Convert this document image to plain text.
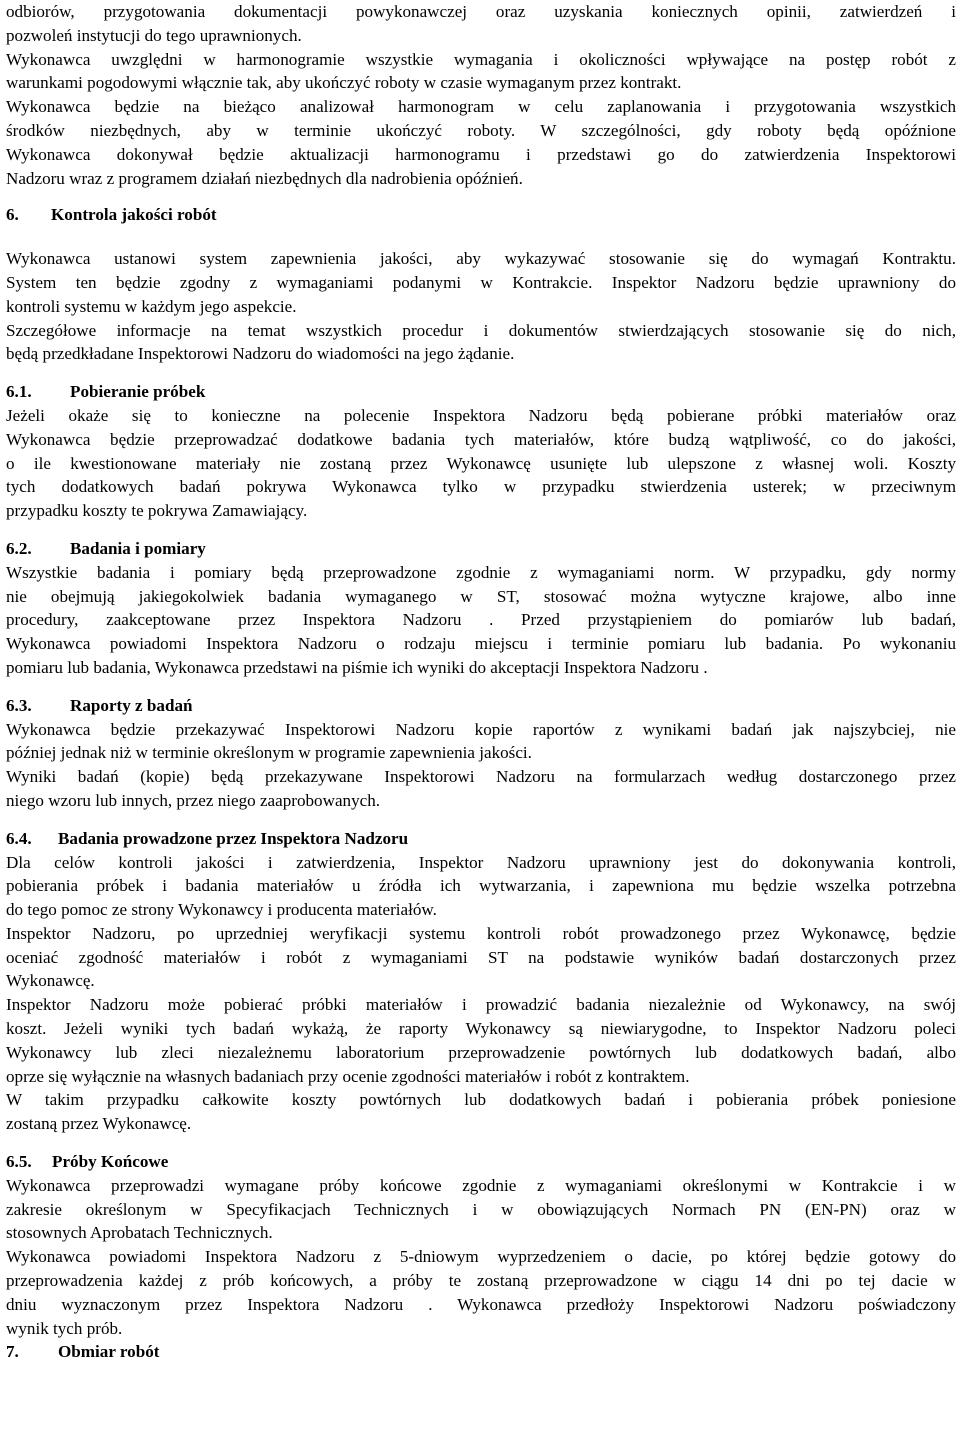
odbiorów, przygotowania dokumentacji powykonawczej oraz uzyskania koniecznych opinii, zatwierdzeń i
pozwoleń instytucji do tego uprawnionych.
Wykonawca uwzględni w harmonogramie wszystkie wymagania i okoliczności wpływające na postęp robót z
warunkami pogodowymi włącznie tak, aby ukończyć roboty w czasie wymaganym przez kontrakt.
Wykonawca będzie na bieżąco analizował harmonogram w celu zaplanowania i przygotowania wszystkich
środków niezbędnych, aby w terminie ukończyć roboty. W szczególności, gdy roboty będą opóźnione
Wykonawca dokonywał będzie aktualizacji harmonogramu i przedstawi go do zatwierdzenia Inspektorowi
Nadzoru wraz z programem działań niezbędnych dla nadrobienia opóźnień.
6. Kontrola jakości robót
Wykonawca ustanowi system zapewnienia jakości, aby wykazywać stosowanie się do wymagań Kontraktu.
System ten będzie zgodny z wymaganiami podanymi w Kontrakcie. Inspektor Nadzoru będzie uprawniony do
kontroli systemu w każdym jego aspekcie.
Szczegółowe informacje na temat wszystkich procedur i dokumentów stwierdzających stosowanie się do nich,
będą przedkładane Inspektorowi Nadzoru do wiadomości na jego żądanie.
6.1. Pobieranie próbek
Jeżeli okaże się to konieczne na polecenie Inspektora Nadzoru będą pobierane próbki materiałów oraz
Wykonawca będzie przeprowadzać dodatkowe badania tych materiałów, które budzą wątpliwość, co do jakości,
o ile kwestionowane materiały nie zostaną przez Wykonawcę usunięte lub ulepszone z własnej woli. Koszty
tych dodatkowych badań pokrywa Wykonawca tylko w przypadku stwierdzenia usterek; w przeciwnym
przypadku koszty te pokrywa Zamawiający.
6.2. Badania i pomiary
Wszystkie badania i pomiary będą przeprowadzone zgodnie z wymaganiami norm. W przypadku, gdy normy
nie obejmują jakiegokolwiek badania wymaganego w ST, stosować można wytyczne krajowe, albo inne
procedury, zaakceptowane przez Inspektora Nadzoru . Przed przystąpieniem do pomiarów lub badań,
Wykonawca powiadomi Inspektora Nadzoru o rodzaju miejscu i terminie pomiaru lub badania. Po wykonaniu
pomiaru lub badania, Wykonawca przedstawi na piśmie ich wyniki do akceptacji Inspektora Nadzoru .
6.3. Raporty z badań
Wykonawca będzie przekazywać Inspektorowi Nadzoru kopie raportów z wynikami badań jak najszybciej, nie
później jednak niż w terminie określonym w programie zapewnienia jakości.
Wyniki badań (kopie) będą przekazywane Inspektorowi Nadzoru na formularzach według dostarczonego przez
niego wzoru lub innych, przez niego zaaprobowanych.
6.4. Badania prowadzone przez Inspektora Nadzoru
Dla celów kontroli jakości i zatwierdzenia, Inspektor Nadzoru uprawniony jest do dokonywania kontroli,
pobierania próbek i badania materiałów u źródła ich wytwarzania, i zapewniona mu będzie wszelka potrzebna
do tego pomoc ze strony Wykonawcy i producenta materiałów.
Inspektor Nadzoru, po uprzedniej weryfikacji systemu kontroli robót prowadzonego przez Wykonawcę, będzie
oceniać zgodność materiałów i robót z wymaganiami ST na podstawie wyników badań dostarczonych przez
Wykonawcę.
Inspektor Nadzoru może pobierać próbki materiałów i prowadzić badania niezależnie od Wykonawcy, na swój
koszt. Jeżeli wyniki tych badań wykażą, że raporty Wykonawcy są niewiarygodne, to Inspektor Nadzoru poleci
Wykonawcy lub zleci niezależnemu laboratorium przeprowadzenie powtórnych lub dodatkowych badań, albo
oprze się wyłącznie na własnych badaniach przy ocenie zgodności materiałów i robót z kontraktem.
W takim przypadku całkowite koszty powtórnych lub dodatkowych badań i pobierania próbek poniesione
zostaną przez Wykonawcę.
6.5. Próby Końcowe
Wykonawca przeprowadzi wymagane próby końcowe zgodnie z wymaganiami określonymi w Kontrakcie i w
zakresie określonym w Specyfikacjach Technicznych i w obowiązujących Normach PN (EN-PN) oraz w
stosownych Aprobatach Technicznych.
Wykonawca powiadomi Inspektora Nadzoru z 5-dniowym wyprzedzeniem o dacie, po której będzie gotowy do
przeprowadzenia każdej z prób końcowych, a próby te zostaną przeprowadzone w ciągu 14 dni po tej dacie w
dniu wyznaczonym przez Inspektora Nadzoru . Wykonawca przedłoży Inspektorowi Nadzoru poświadczony
wynik tych prób.
7. Obmiar robót
